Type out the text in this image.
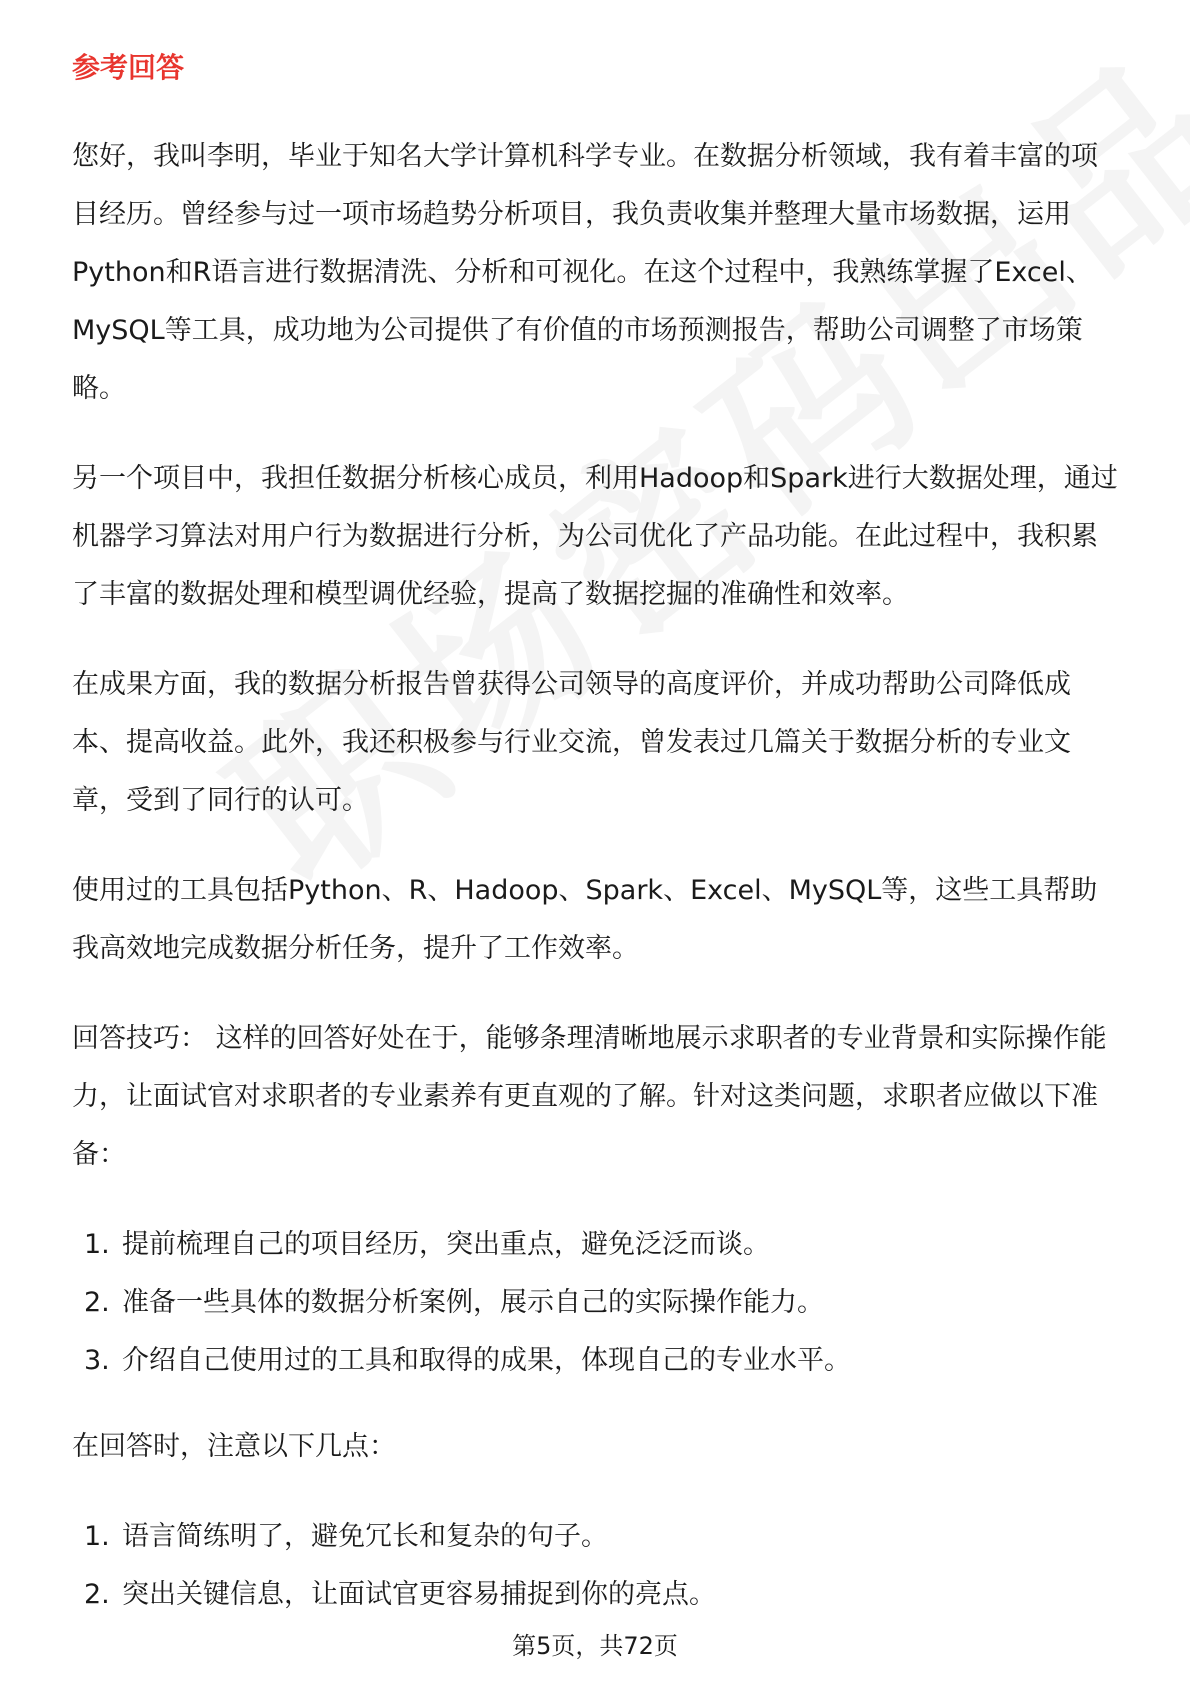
参考回答

您好，我叫李明，毕业于知名大学计算机科学专业。在数据分析领域，我有着丰富的项目经历。曾经参与过一项市场趋势分析项目，我负责收集并整理大量市场数据，运用Python和R语言进行数据清洗、分析和可视化。在这个过程中，我熟练掌握了Excel、MySQL等工具，成功地为公司提供了有价值的市场预测报告，帮助公司调整了市场策略。

另一个项目中，我担任数据分析核心成员，利用Hadoop和Spark进行大数据处理，通过机器学习算法对用户行为数据进行分析，为公司优化了产品功能。在此过程中，我积累了丰富的数据处理和模型调优经验，提高了数据挖掘的准确性和效率。

在成果方面，我的数据分析报告曾获得公司领导的高度评价，并成功帮助公司降低成本、提高收益。此外，我还积极参与行业交流，曾发表过几篇关于数据分析的专业文章，受到了同行的认可。

使用过的工具包括Python、R、Hadoop、Spark、Excel、MySQL等，这些工具帮助我高效地完成数据分析任务，提升了工作效率。

回答技巧： 这样的回答好处在于，能够条理清晰地展示求职者的专业背景和实际操作能力，让面试官对求职者的专业素养有更直观的了解。针对这类问题，求职者应做以下准备：

1. 提前梳理自己的项目经历，突出重点，避免泛泛而谈。
2. 准备一些具体的数据分析案例，展示自己的实际操作能力。
3. 介绍自己使用过的工具和取得的成果，体现自己的专业水平。

在回答时，注意以下几点：

1. 语言简练明了，避免冗长和复杂的句子。
2. 突出关键信息，让面试官更容易捕捉到你的亮点。
第5页，共72页
